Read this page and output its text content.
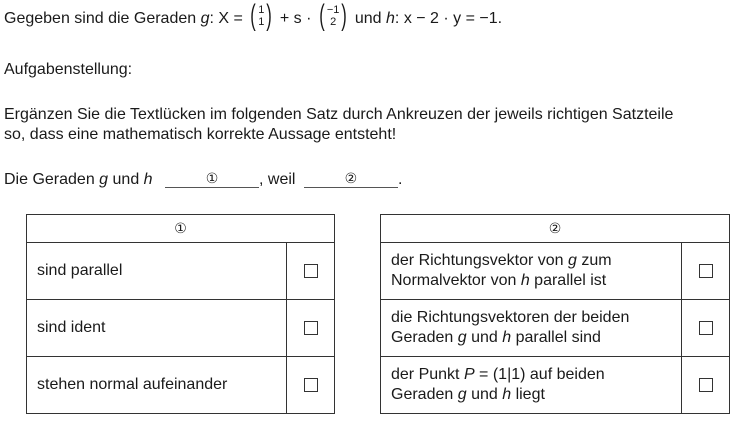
Gegeben sind die Geraden g: X = ( 1
1 ) + s · ( −1
2 ) und h: x − 2 · y = −1.
Aufgabenstellung:
Ergänzen Sie die Textlücken im folgenden Satz durch Ankreuzen der jeweils richtigen Satzteile
so, dass eine mathematisch korrekte Aussage entsteht!
Die Geraden g und h	①	, weil	②	.
①	
sind parallel	
sind ident	
stehen normal aufeinander	
②	
der Richtungsvektor von g zum
Normalvektor von h parallel ist	
die Richtungsvektoren der beiden
Geraden g und h parallel sind	
der Punkt P = (1|1) auf beiden
Geraden g und h liegt	
